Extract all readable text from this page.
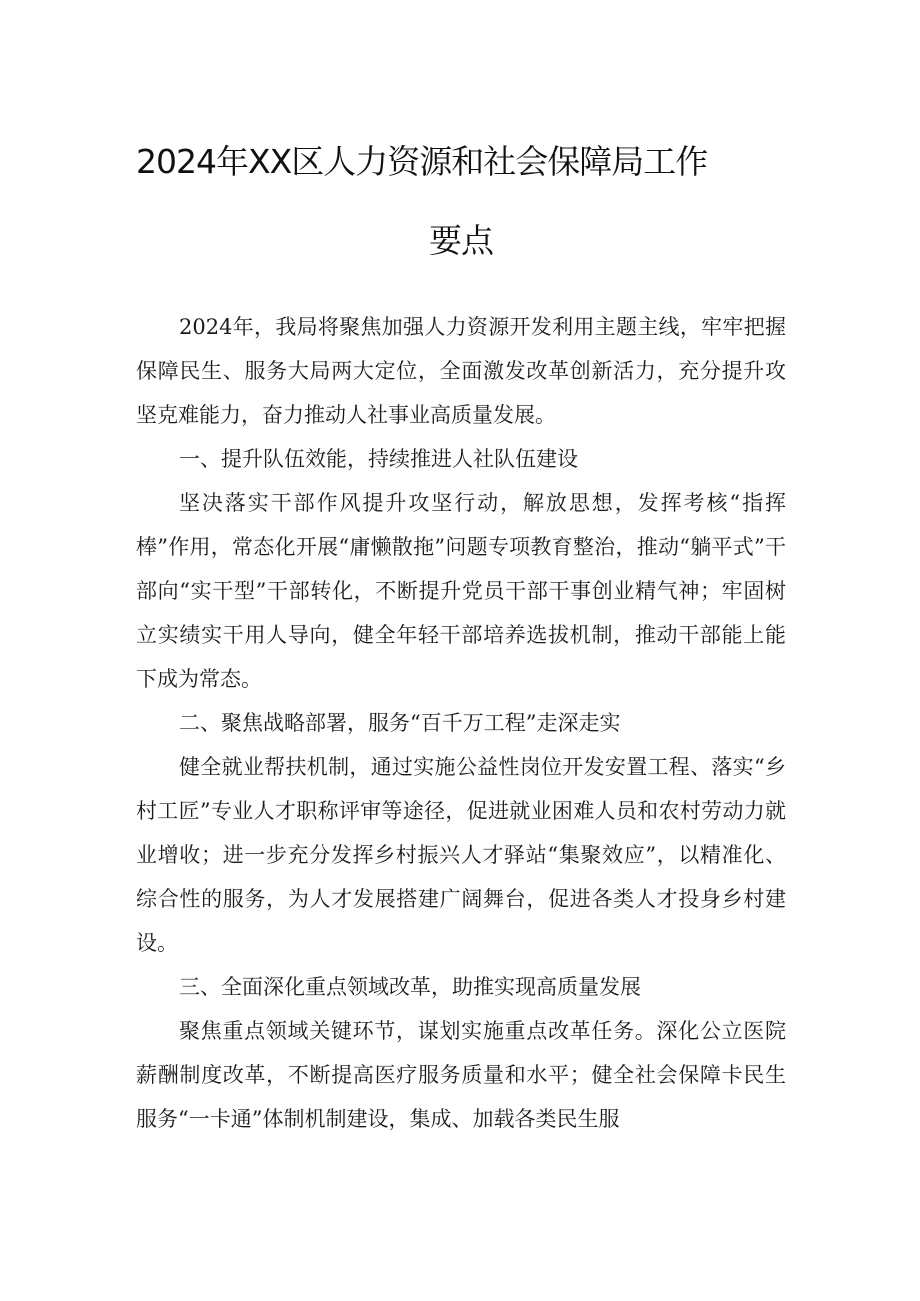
2024年XX区人力资源和社会保障局工作
要点

2024年，我局将聚焦加强人力资源开发利用主题主线，牢牢把握保障民生、服务大局两大定位，全面激发改革创新活力，充分提升攻坚克难能力，奋力推动人社事业高质量发展。

一、提升队伍效能，持续推进人社队伍建设

坚决落实干部作风提升攻坚行动，解放思想，发挥考核“指挥棒”作用，常态化开展“庸懒散拖”问题专项教育整治，推动“躺平式”干部向“实干型”干部转化，不断提升党员干部干事创业精气神；牢固树立实绩实干用人导向，健全年轻干部培养选拔机制，推动干部能上能下成为常态。

二、聚焦战略部署，服务“百千万工程”走深走实

健全就业帮扶机制，通过实施公益性岗位开发安置工程、落实“乡村工匠”专业人才职称评审等途径，促进就业困难人员和农村劳动力就业增收；进一步充分发挥乡村振兴人才驿站“集聚效应”，以精准化、综合性的服务，为人才发展搭建广阔舞台，促进各类人才投身乡村建设。

三、全面深化重点领域改革，助推实现高质量发展

聚焦重点领域关键环节，谋划实施重点改革任务。深化公立医院薪酬制度改革，不断提高医疗服务质量和水平；健全社会保障卡民生服务“一卡通”体制机制建设，集成、加载各类民生服
